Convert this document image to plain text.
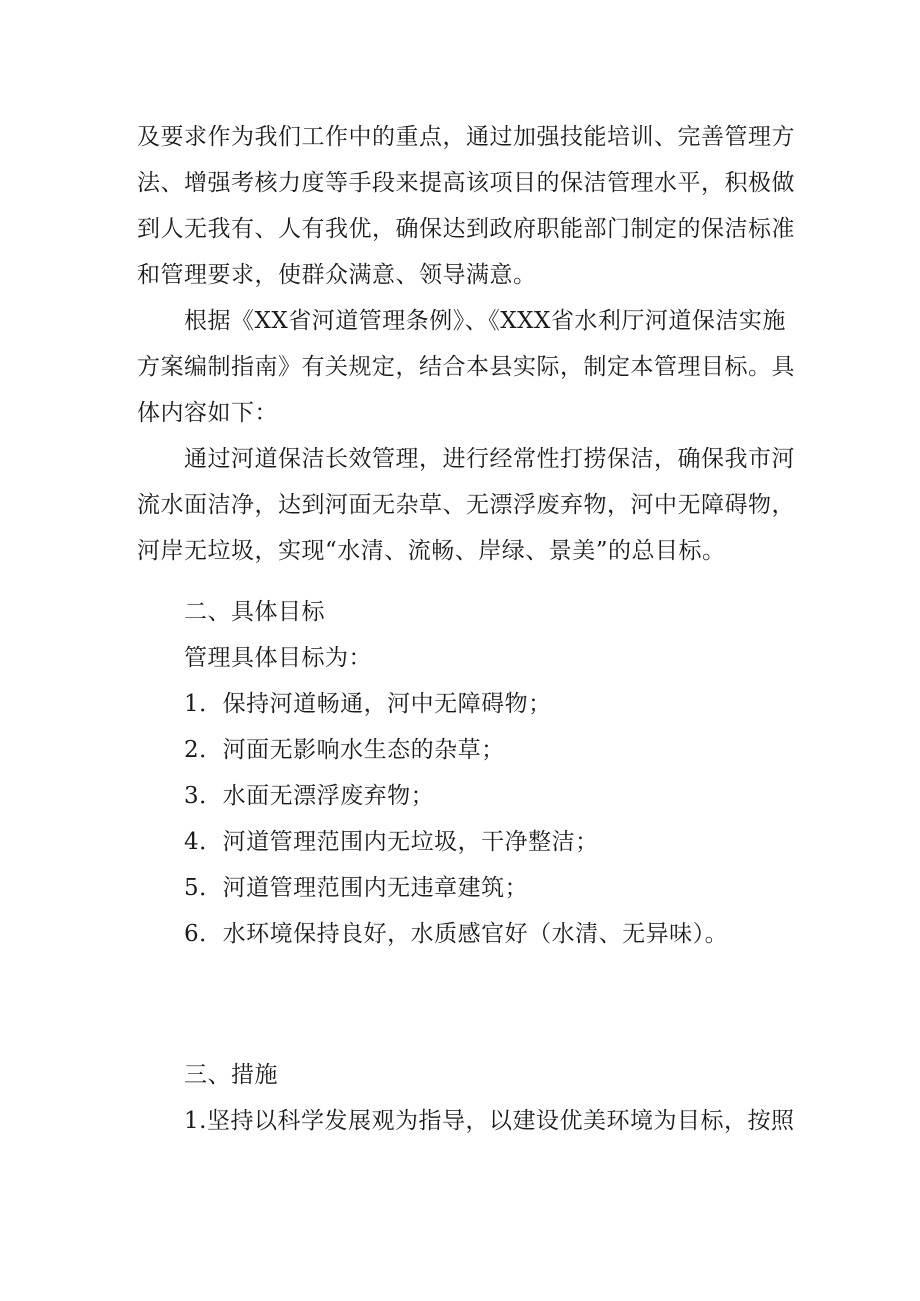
及要求作为我们工作中的重点，通过加强技能培训、完善管理方
法、增强考核力度等手段来提高该项目的保洁管理水平，积极做
到人无我有、人有我优，确保达到政府职能部门制定的保洁标准
和管理要求，使群众满意、领导满意。
根据《XX省河道管理条例》、《XXX省水利厅河道保洁实施
方案编制指南》有关规定，结合本县实际，制定本管理目标。具
体内容如下：
通过河道保洁长效管理，进行经常性打捞保洁，确保我市河
流水面洁净，达到河面无杂草、无漂浮废弃物，河中无障碍物，
河岸无垃圾，实现“水清、流畅、岸绿、景美”的总目标。
二、具体目标
管理具体目标为：
1．保持河道畅通，河中无障碍物；
2．河面无影响水生态的杂草；
3．水面无漂浮废弃物；
4．河道管理范围内无垃圾，干净整洁；
5．河道管理范围内无违章建筑；
6．水环境保持良好，水质感官好（水清、无异味）。
三、措施
1.坚持以科学发展观为指导，以建设优美环境为目标，按照
